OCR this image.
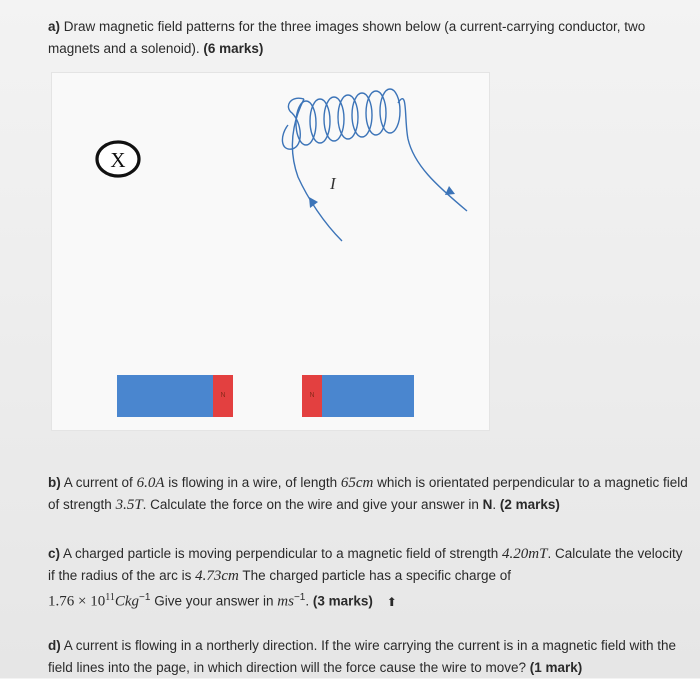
a) Draw magnetic field patterns for the three images shown below (a current-carrying conductor, two magnets and a solenoid). (6 marks)
X
I
N	N
b) A current of 6.0A is flowing in a wire, of length 65cm which is orientated perpendicular to a magnetic field of strength 3.5T. Calculate the force on the wire and give your answer in N. (2 marks)
c) A charged particle is moving perpendicular to a magnetic field of strength 4.20mT. Calculate the velocity if the radius of the arc is 4.73cm The charged particle has a specific charge of
$1.76 \times 10^{11}Ckg^{-1}$ Give your answer in $ms^{-1}$. (3 marks) ⬆
d) A current is flowing in a northerly direction. If the wire carrying the current is in a magnetic field with the field lines into the page, in which direction will the force cause the wire to move? (1 mark)
